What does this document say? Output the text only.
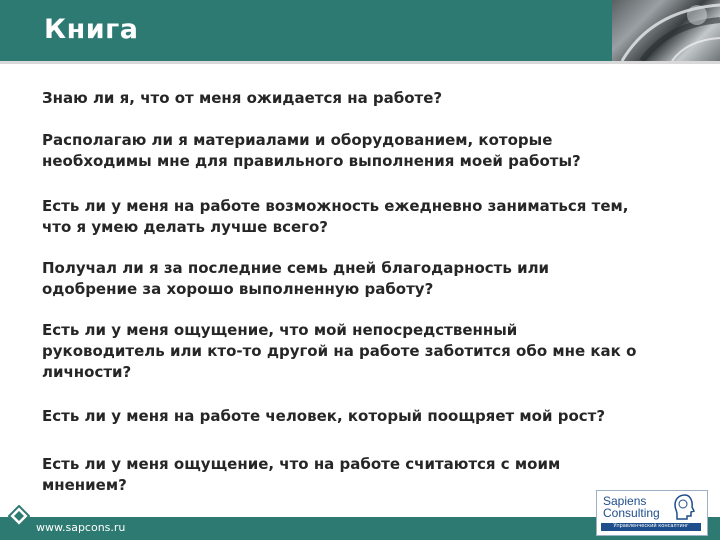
Книга
Знаю ли я, что от меня ожидается на работе?
Располагаю ли я материалами и оборудованием, которые
необходимы мне для правильного выполнения моей работы?
Есть ли у меня на работе возможность ежедневно заниматься тем,
что я умею делать лучше всего?
Получал ли я за последние семь дней благодарность или
одобрение за хорошо выполненную работу?
Есть ли у меня ощущение, что мой непосредственный
руководитель или кто-то другой на работе заботится обо мне как о
личности?
Есть ли у меня на работе человек, который поощряет мой рост?
Есть ли у меня ощущение, что на работе считаются с моим
мнением?
www.sapcons.ru
Sapiens
Consulting
Управленческий консалтинг
